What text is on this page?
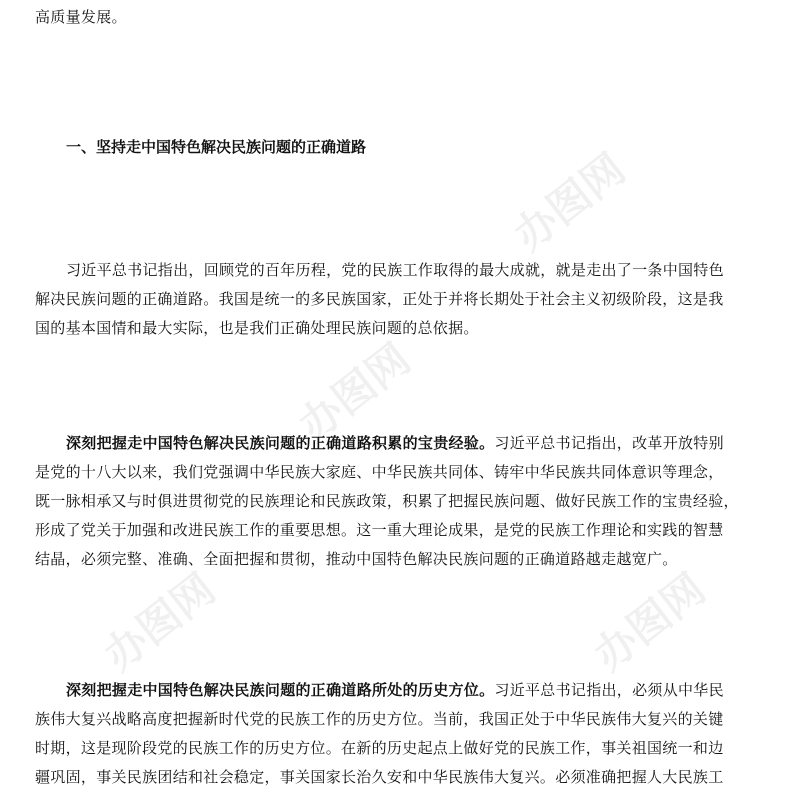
办图网
办图网
办图网	办图网
高质量发展。
一、坚持走中国特色解决民族问题的正确道路
习近平总书记指出，回顾党的百年历程，党的民族工作取得的最大成就，就是走出了一条中国特色
解决民族问题的正确道路。我国是统一的多民族国家，正处于并将长期处于社会主义初级阶段，这是我
国的基本国情和最大实际，也是我们正确处理民族问题的总依据。
深刻把握走中国特色解决民族问题的正确道路积累的宝贵经验。习近平总书记指出，改革开放特别
是党的十八大以来，我们党强调中华民族大家庭、中华民族共同体、铸牢中华民族共同体意识等理念，
既一脉相承又与时俱进贯彻党的民族理论和民族政策，积累了把握民族问题、做好民族工作的宝贵经验，
形成了党关于加强和改进民族工作的重要思想。这一重大理论成果，是党的民族工作理论和实践的智慧
结晶，必须完整、准确、全面把握和贯彻，推动中国特色解决民族问题的正确道路越走越宽广。
深刻把握走中国特色解决民族问题的正确道路所处的历史方位。习近平总书记指出，必须从中华民
族伟大复兴战略高度把握新时代党的民族工作的历史方位。当前，我国正处于中华民族伟大复兴的关键
时期，这是现阶段党的民族工作的历史方位。在新的历史起点上做好党的民族工作，事关祖国统一和边
疆巩固，事关民族团结和社会稳定，事关国家长治久安和中华民族伟大复兴。必须准确把握人大民族工
